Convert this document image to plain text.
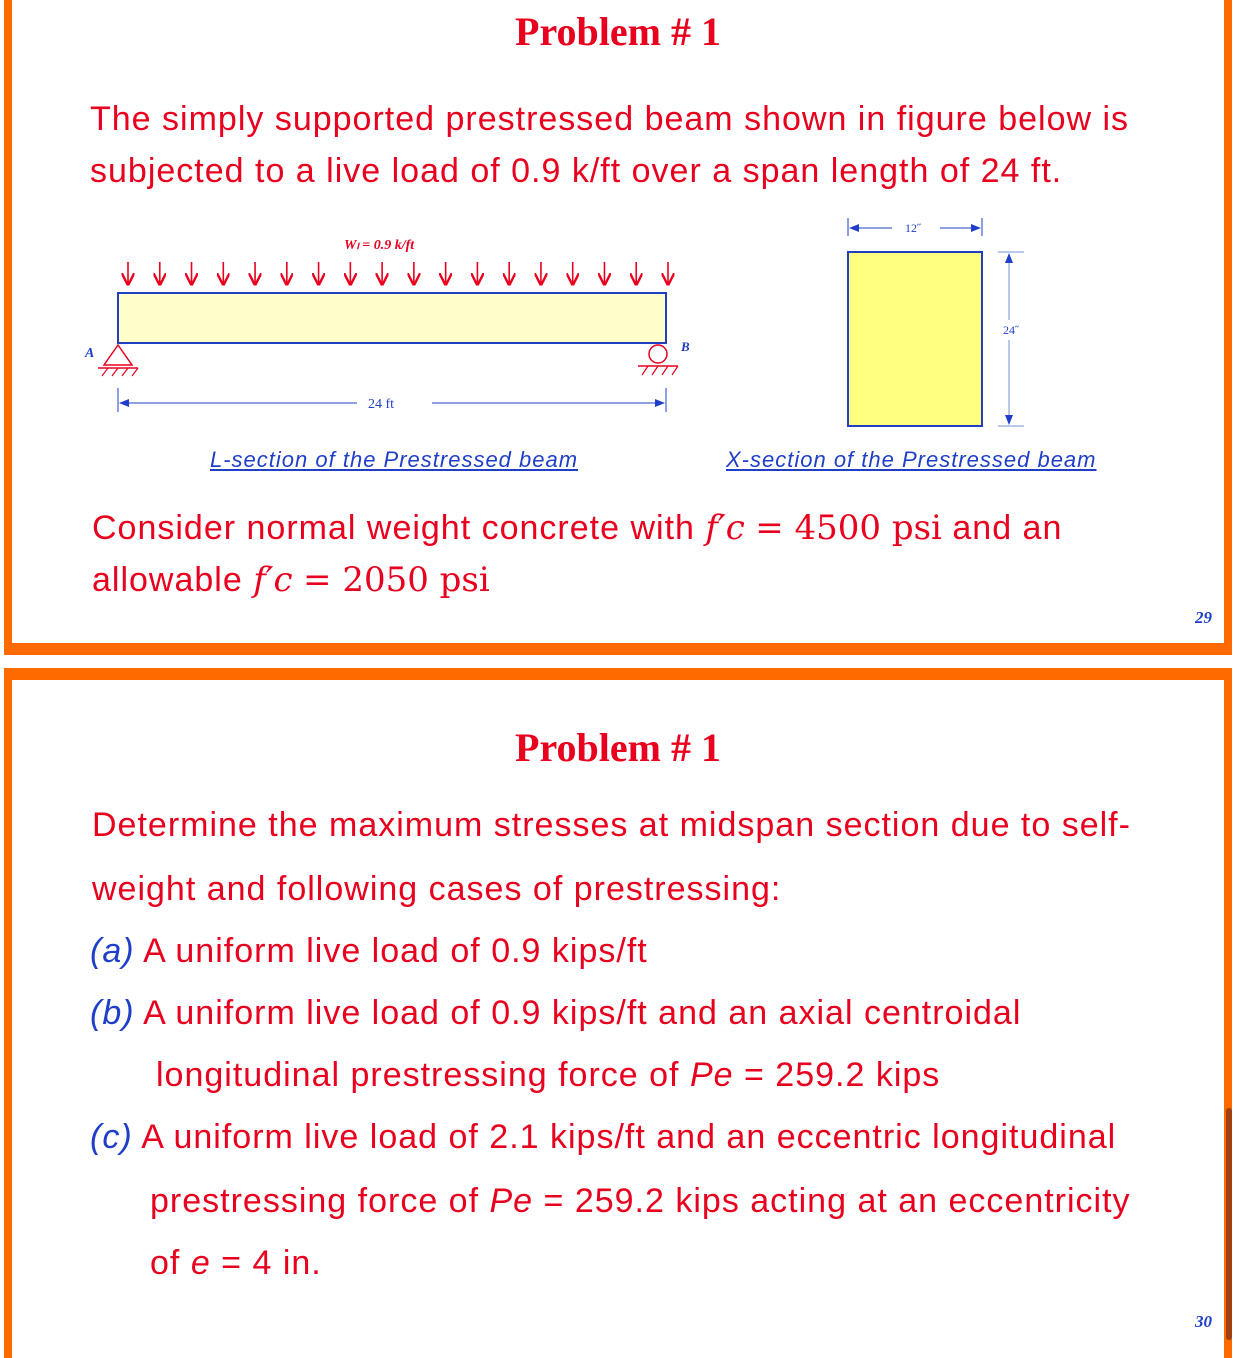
Problem # 1
The simply supported prestressed beam shown in figure below is
subjected to a live load of 0.9 k/ft over a span length of 24 ft.
Wₗ = 0.9 k/ft
A	B
24 ft
12˝
24˝
L-section of the Prestressed beam	X-section of the Prestressed beam
Consider normal weight concrete with f′c = 4500 psi and an
allowable f′c = 2050 psi
29
Problem # 1
Determine the maximum stresses at midspan section due to self-
weight and following cases of prestressing:
(a) A uniform live load of 0.9 kips/ft
(b) A uniform live load of 0.9 kips/ft and an axial centroidal
longitudinal prestressing force of Pe = 259.2 kips
(c) A uniform live load of 2.1 kips/ft and an eccentric longitudinal
prestressing force of Pe = 259.2 kips acting at an eccentricity
of e = 4 in.
30
